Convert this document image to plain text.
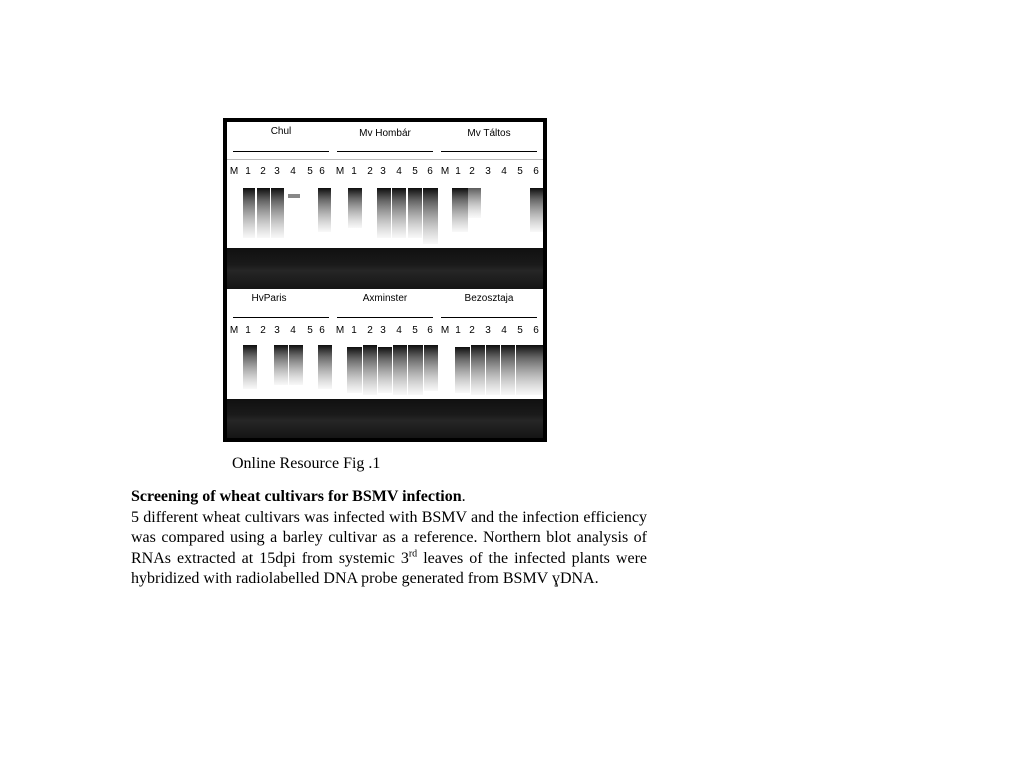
Chul	Mv Hombár	Mv Táltos
M 1 2 3	4	5 6	M 1	2 3	4	5 6 M 1 2	3	4	5	6
HvParis	Axminster	Bezosztaja
M 1 2 3	4	5 6	M 1	2 3	4	5 6 M 1 2	3	4	5	6
Online Resource Fig .1
Screening of wheat cultivars for BSMV infection.
5 different wheat cultivars was infected with BSMV and the infection efficiency was compared using a barley cultivar as a reference. Northern blot analysis of RNAs extracted at 15dpi from systemic 3rd leaves of the infected plants were hybridized with radiolabelled DNA probe generated from BSMV ɣDNA.
